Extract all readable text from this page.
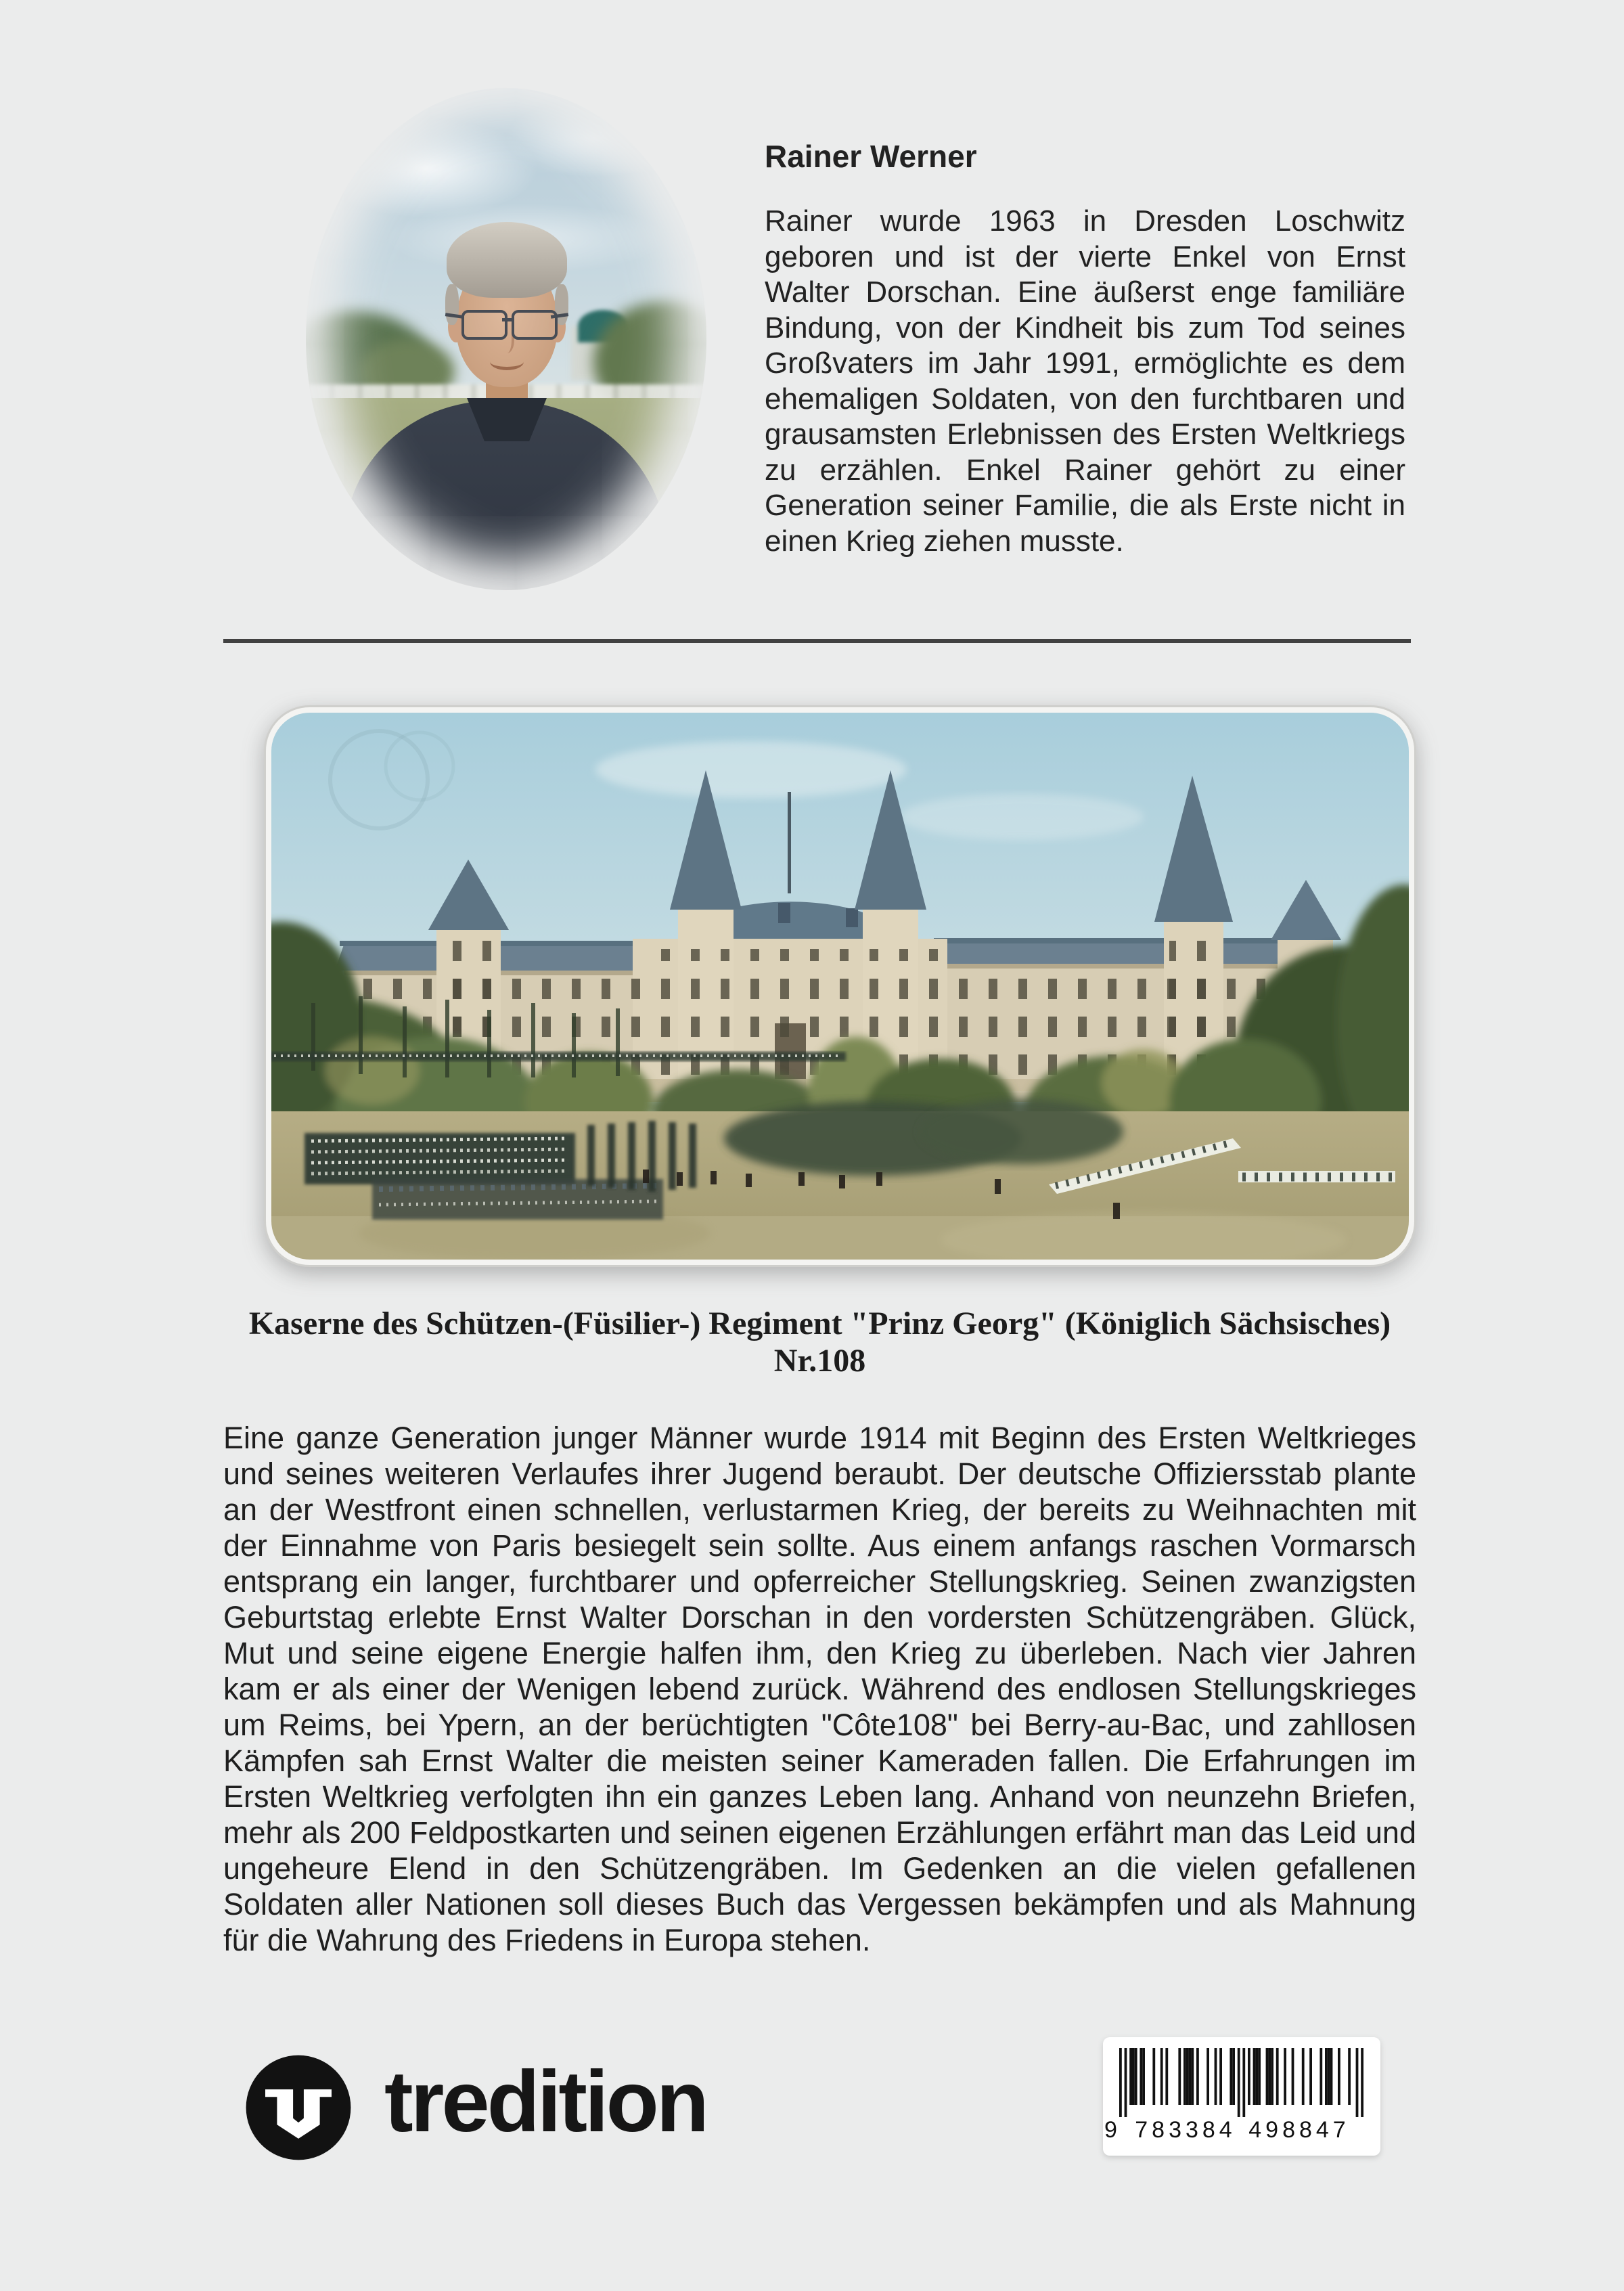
Rainer Werner

Rainer wurde 1963 in Dresden Loschwitz geboren und ist der vierte Enkel von Ernst Walter Dorschan. Eine äußerst enge familiäre Bindung, von der Kindheit bis zum Tod seines Großvaters im Jahr 1991, ermöglichte es dem ehemaligen Soldaten, von den furchtbaren und grausamsten Erlebnissen des Ersten Weltkriegs zu erzählen. Enkel Rainer gehört zu einer Generation seiner Familie, die als Erste nicht in einen Krieg ziehen musste.

Kaserne des Schützen-(Füsilier-) Regiment "Prinz Georg" (Königlich Sächsisches) Nr.108

Eine ganze Generation junger Männer wurde 1914 mit Beginn des Ersten Weltkrieges und seines weiteren Verlaufes ihrer Jugend beraubt. Der deutsche Offiziersstab plante an der Westfront einen schnellen, verlustarmen Krieg, der bereits zu Weihnachten mit der Einnahme von Paris besiegelt sein sollte. Aus einem anfangs raschen Vormarsch entsprang ein langer, furchtbarer und opferreicher Stellungskrieg. Seinen zwanzigsten Geburtstag erlebte Ernst Walter Dorschan in den vordersten Schützengräben. Glück, Mut und seine eigene Energie halfen ihm, den Krieg zu überleben. Nach vier Jahren kam er als einer der Wenigen lebend zurück. Während des endlosen Stellungskrieges um Reims, bei Ypern, an der berüchtigten "Côte108" bei Berry-au-Bac, und zahllosen Kämpfen sah Ernst Walter die meisten seiner Kameraden fallen. Die Erfahrungen im Ersten Weltkrieg verfolgten ihn ein ganzes Leben lang. Anhand von neunzehn Briefen, mehr als 200 Feldpostkarten und seinen eigenen Erzählungen erfährt man das Leid und ungeheure Elend in den Schützengräben. Im Gedenken an die vielen gefallenen Soldaten aller Nationen soll dieses Buch das Vergessen bekämpfen und als Mahnung für die Wahrung des Friedens in Europa stehen.

tredition	9 783384 498847
